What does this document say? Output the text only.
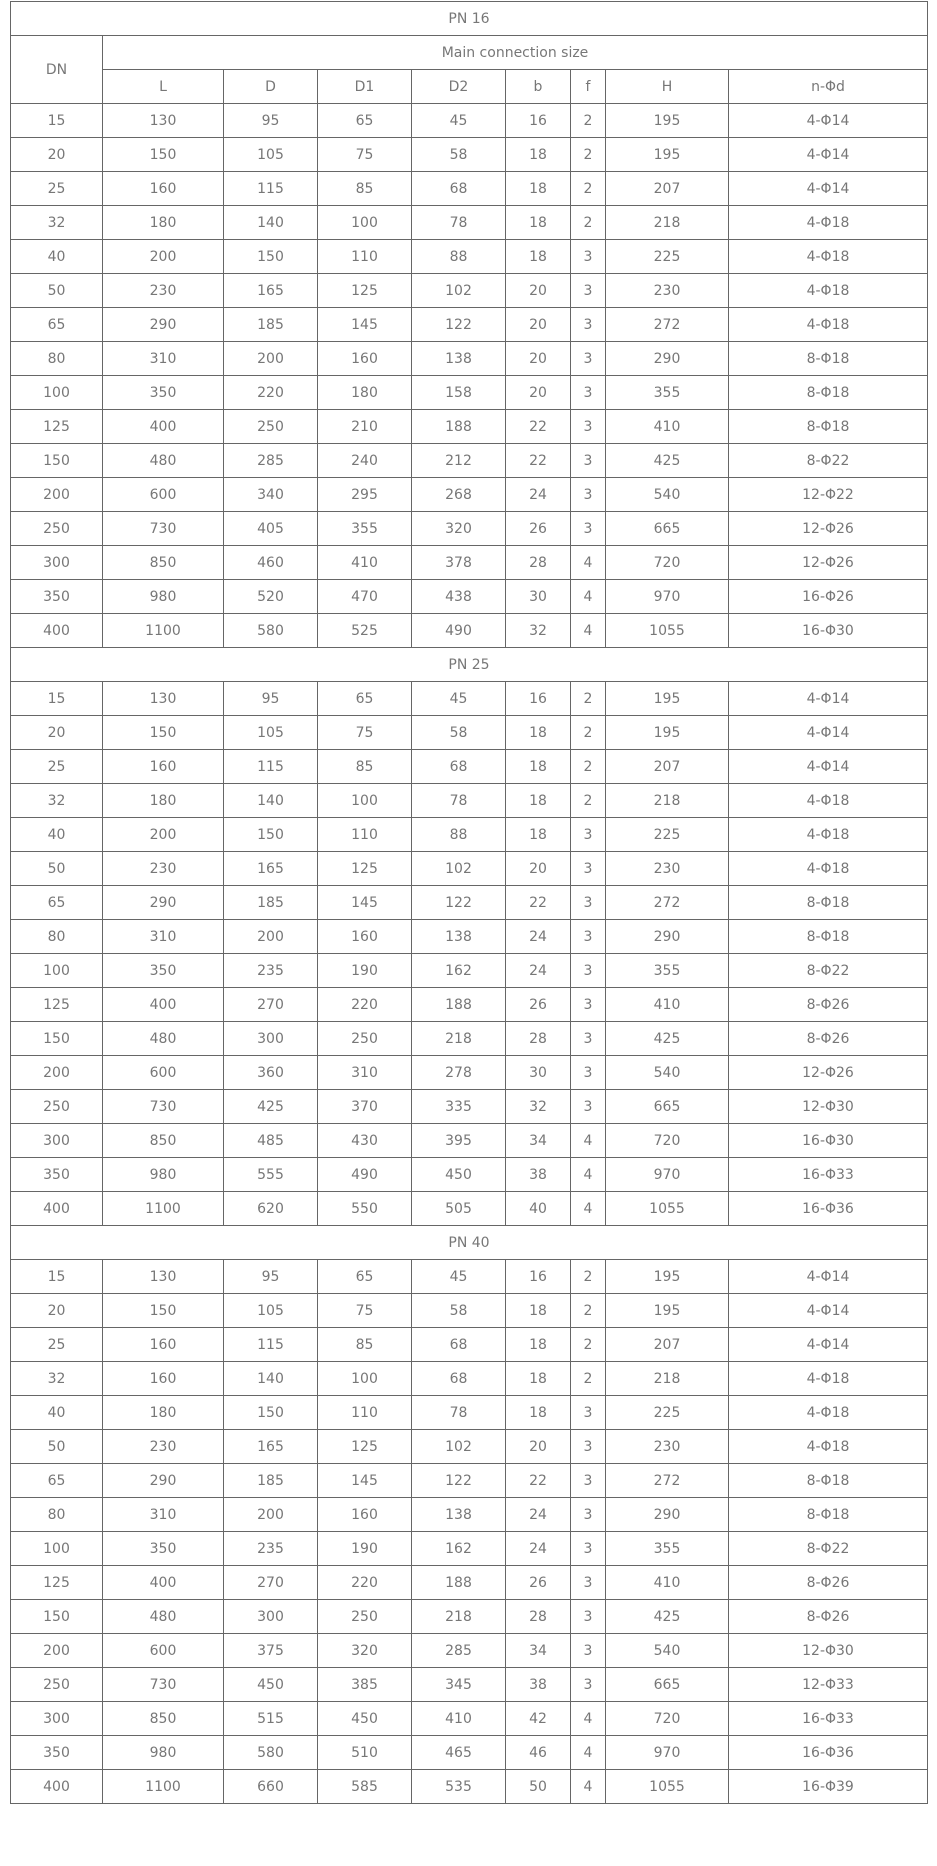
PN 16								
DN	Main connection size							
	L	D	D1	D2	b	f	H	n-Φd
15	130	95	65	45	16	2	195	4-Φ14
20	150	105	75	58	18	2	195	4-Φ14
25	160	115	85	68	18	2	207	4-Φ14
32	180	140	100	78	18	2	218	4-Φ18
40	200	150	110	88	18	3	225	4-Φ18
50	230	165	125	102	20	3	230	4-Φ18
65	290	185	145	122	20	3	272	4-Φ18
80	310	200	160	138	20	3	290	8-Φ18
100	350	220	180	158	20	3	355	8-Φ18
125	400	250	210	188	22	3	410	8-Φ18
150	480	285	240	212	22	3	425	8-Φ22
200	600	340	295	268	24	3	540	12-Φ22
250	730	405	355	320	26	3	665	12-Φ26
300	850	460	410	378	28	4	720	12-Φ26
350	980	520	470	438	30	4	970	16-Φ26
400	1100	580	525	490	32	4	1055	16-Φ30
PN 25								
15	130	95	65	45	16	2	195	4-Φ14
20	150	105	75	58	18	2	195	4-Φ14
25	160	115	85	68	18	2	207	4-Φ14
32	180	140	100	78	18	2	218	4-Φ18
40	200	150	110	88	18	3	225	4-Φ18
50	230	165	125	102	20	3	230	4-Φ18
65	290	185	145	122	22	3	272	8-Φ18
80	310	200	160	138	24	3	290	8-Φ18
100	350	235	190	162	24	3	355	8-Φ22
125	400	270	220	188	26	3	410	8-Φ26
150	480	300	250	218	28	3	425	8-Φ26
200	600	360	310	278	30	3	540	12-Φ26
250	730	425	370	335	32	3	665	12-Φ30
300	850	485	430	395	34	4	720	16-Φ30
350	980	555	490	450	38	4	970	16-Φ33
400	1100	620	550	505	40	4	1055	16-Φ36
PN 40								
15	130	95	65	45	16	2	195	4-Φ14
20	150	105	75	58	18	2	195	4-Φ14
25	160	115	85	68	18	2	207	4-Φ14
32	160	140	100	68	18	2	218	4-Φ18
40	180	150	110	78	18	3	225	4-Φ18
50	230	165	125	102	20	3	230	4-Φ18
65	290	185	145	122	22	3	272	8-Φ18
80	310	200	160	138	24	3	290	8-Φ18
100	350	235	190	162	24	3	355	8-Φ22
125	400	270	220	188	26	3	410	8-Φ26
150	480	300	250	218	28	3	425	8-Φ26
200	600	375	320	285	34	3	540	12-Φ30
250	730	450	385	345	38	3	665	12-Φ33
300	850	515	450	410	42	4	720	16-Φ33
350	980	580	510	465	46	4	970	16-Φ36
400	1100	660	585	535	50	4	1055	16-Φ39
